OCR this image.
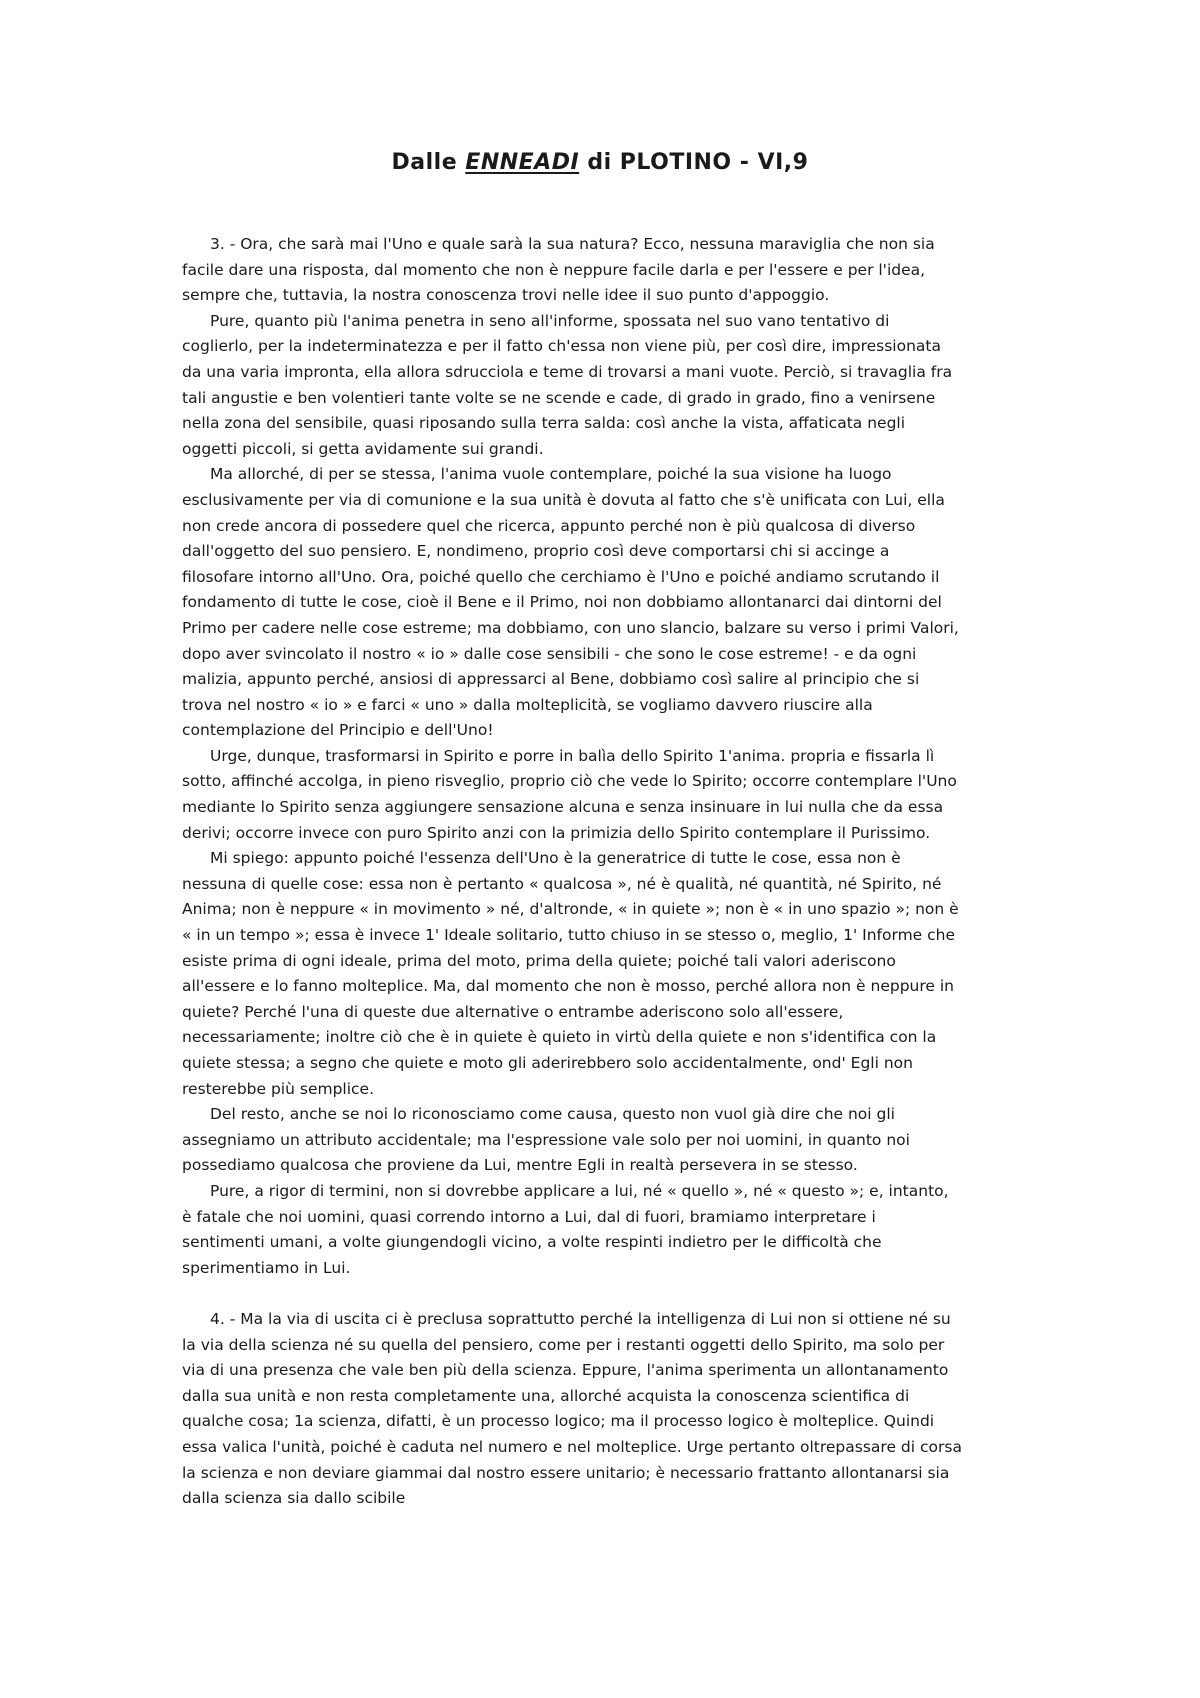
Dalle ENNEADI di PLOTINO - VI,9

3. - Ora, che sarà mai l'Uno e quale sarà la sua natura? Ecco, nessuna maraviglia che non sia facile dare una risposta, dal momento che non è neppure facile darla e per l'essere e per l'idea, sempre che, tuttavia, la nostra conoscenza trovi nelle idee il suo punto d'appoggio.

Pure, quanto più l'anima penetra in seno all'informe, spossata nel suo vano tentativo di coglierlo, per la indeterminatezza e per il fatto ch'essa non viene più, per così dire, impressionata da una varia impronta, ella allora sdrucciola e teme di trovarsi a mani vuote. Perciò, si travaglia fra tali angustie e ben volentieri tante volte se ne scende e cade, di grado in grado, fino a venirsene nella zona del sensibile, quasi riposando sulla terra salda: così anche la vista, affaticata negli oggetti piccoli, si getta avidamente sui grandi.

Ma allorché, di per se stessa, l'anima vuole contemplare, poiché la sua visione ha luogo esclusivamente per via di comunione e la sua unità è dovuta al fatto che s'è unificata con Lui, ella non crede ancora di possedere quel che ricerca, appunto perché non è più qualcosa di diverso dall'oggetto del suo pensiero. E, nondimeno, proprio così deve comportarsi chi si accinge a filosofare intorno all'Uno. Ora, poiché quello che cerchiamo è l'Uno e poiché andiamo scrutando il fondamento di tutte le cose, cioè il Bene e il Primo, noi non dobbiamo allontanarci dai dintorni del Primo per cadere nelle cose estreme; ma dobbiamo, con uno slancio, balzare su verso i primi Valori, dopo aver svincolato il nostro « io » dalle cose sensibili - che sono le cose estreme! - e da ogni malizia, appunto perché, ansiosi di appressarci al Bene, dobbiamo così salire al principio che si trova nel nostro « io » e farci « uno » dalla molteplicità, se vogliamo davvero riuscire alla contemplazione del Principio e dell'Uno!

Urge, dunque, trasformarsi in Spirito e porre in balìa dello Spirito 1'anima. propria e fissarla lì sotto, affinché accolga, in pieno risveglio, proprio ciò che vede lo Spirito; occorre contemplare l'Uno mediante lo Spirito senza aggiungere sensazione alcuna e senza insinuare in lui nulla che da essa derivi; occorre invece con puro Spirito anzi con la primizia dello Spirito contemplare il Purissimo.

Mi spiego: appunto poiché l'essenza dell'Uno è la generatrice di tutte le cose, essa non è nessuna di quelle cose: essa non è pertanto « qualcosa », né è qualità, né quantità, né Spirito, né Anima; non è neppure « in movimento » né, d'altronde, « in quiete »; non è « in uno spazio »; non è « in un tempo »; essa è invece 1' Ideale solitario, tutto chiuso in se stesso o, meglio, 1' Informe che esiste prima di ogni ideale, prima del moto, prima della quiete; poiché tali valori aderiscono all'essere e lo fanno molteplice. Ma, dal momento che non è mosso, perché allora non è neppure in quiete? Perché l'una di queste due alternative o entrambe aderiscono solo all'essere, necessariamente; inoltre ciò che è in quiete è quieto in virtù della quiete e non s'identifica con la quiete stessa; a segno che quiete e moto gli aderirebbero solo accidentalmente, ond' Egli non resterebbe più semplice.

Del resto, anche se noi lo riconosciamo come causa, questo non vuol già dire che noi gli assegniamo un attributo accidentale; ma l'espressione vale solo per noi uomini, in quanto noi possediamo qualcosa che proviene da Lui, mentre Egli in realtà persevera in se stesso.

Pure, a rigor di termini, non si dovrebbe applicare a lui, né « quello », né « questo »; e, intanto, è fatale che noi uomini, quasi correndo intorno a Lui, dal di fuori, bramiamo interpretare i sentimenti umani, a volte giungendogli vicino, a volte respinti indietro per le difficoltà che sperimentiamo in Lui.

4. - Ma la via di uscita ci è preclusa soprattutto perché la intelligenza di Lui non si ottiene né su la via della scienza né su quella del pensiero, come per i restanti oggetti dello Spirito, ma solo per via di una presenza che vale ben più della scienza. Eppure, l'anima sperimenta un allontanamento dalla sua unità e non resta completamente una, allorché acquista la conoscenza scientifica di qualche cosa; 1a scienza, difatti, è un processo logico; ma il processo logico è molteplice. Quindi essa valica l'unità, poiché è caduta nel numero e nel molteplice. Urge pertanto oltrepassare di corsa la scienza e non deviare giammai dal nostro essere unitario; è necessario frattanto allontanarsi sia dalla scienza sia dallo scibile
